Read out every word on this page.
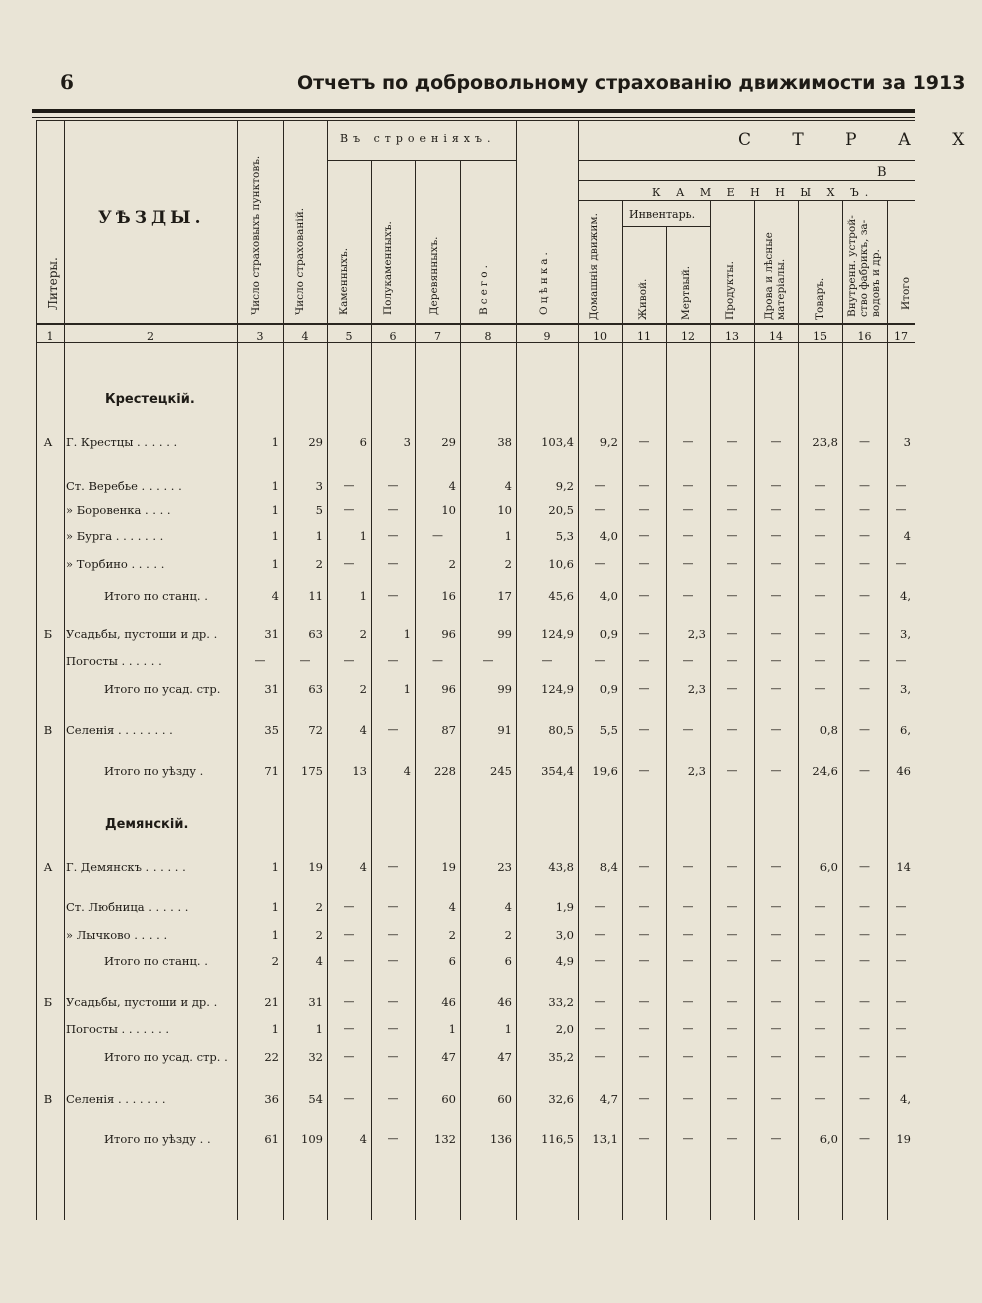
6	Отчетъ по добровольному страхованію движимости за 1913
Литеры.
УѢЗДЫ.	Число страховыхъ пунктовъ.	Число страхованій.
Въ строеніяхъ.
Каменныхъ.	Полукаменныхъ.	Деревянныхъ.	Всего.	Оцѣнка.
С Т Р А Х
В
К А М Е Н Н Ы Х Ъ.
Домашнія движим.	Инвентарь.
Живой.	Мертвый.	Продукты.	Дрова и лѣсные матеріалы.	Товаръ. Внутренн. устрой-ство фабрикъ, за-водовъ и др.	Итого
1	2	3	4	5	6	7	8	9	10	11	12	13	14	15	16	17
Крестецкій.
А	Г. Крестцы . . . . . .	1	29	6	3	29	38	103,4	9,2	—	—	—	—	23,8	—	3
Ст. Веребье . . . . . .	1	3	—	—	4	4	9,2	—	—	—	—	—	—	—	—
» Боровенка . . . .	1	5	—	—	10	10	20,5	—	—	—	—	—	—	—	—
» Бурга . . . . . . .	1	1	1	—	—	1	5,3	4,0	—	—	—	—	—	—	4
» Торбино . . . . .	1	2	—	—	2	2	10,6	—	—	—	—	—	—	—	—
Итого по станц. .	4	11	1	—	16	17	45,6	4,0	—	—	—	—	—	—	4,
Б	Усадьбы, пустоши и др. .	31	63	2	1	96	99	124,9	0,9	—	2,3	—	—	—	—	3,
Погосты . . . . . .	—	—	—	—	—	—	—	—	—	—	—	—	—	—	—
Итого по усад. стр.	31	63	2	1	96	99	124,9	0,9	—	2,3	—	—	—	—	3,
В	Селенія . . . . . . . .	35	72	4	—	87	91	80,5	5,5	—	—	—	—	0,8	—	6,
Итого по уѣзду .	71	175	13	4	228	245	354,4	19,6	—	2,3	—	—	24,6	—	46
Демянскій.
А	Г. Демянскъ . . . . . .	1	19	4	—	19	23	43,8	8,4	—	—	—	—	6,0	—	14
Ст. Любница . . . . . .	1	2	—	—	4	4	1,9	—	—	—	—	—	—	—	—
» Лычково . . . . .	1	2	—	—	2	2	3,0	—	—	—	—	—	—	—	—
Итого по станц. .	2	4	—	—	6	6	4,9	—	—	—	—	—	—	—	—
Б	Усадьбы, пустоши и др. .	21	31	—	—	46	46	33,2	—	—	—	—	—	—	—	—
Погосты . . . . . . .	1	1	—	—	1	1	2,0	—	—	—	—	—	—	—	—
Итого по усад. стр. .	22	32	—	—	47	47	35,2	—	—	—	—	—	—	—	—
В	Селенія . . . . . . .	36	54	—	—	60	60	32,6	4,7	—	—	—	—	—	—	4,
Итого по уѣзду . .	61	109	4	—	132	136	116,5	13,1	—	—	—	—	6,0	—	19
